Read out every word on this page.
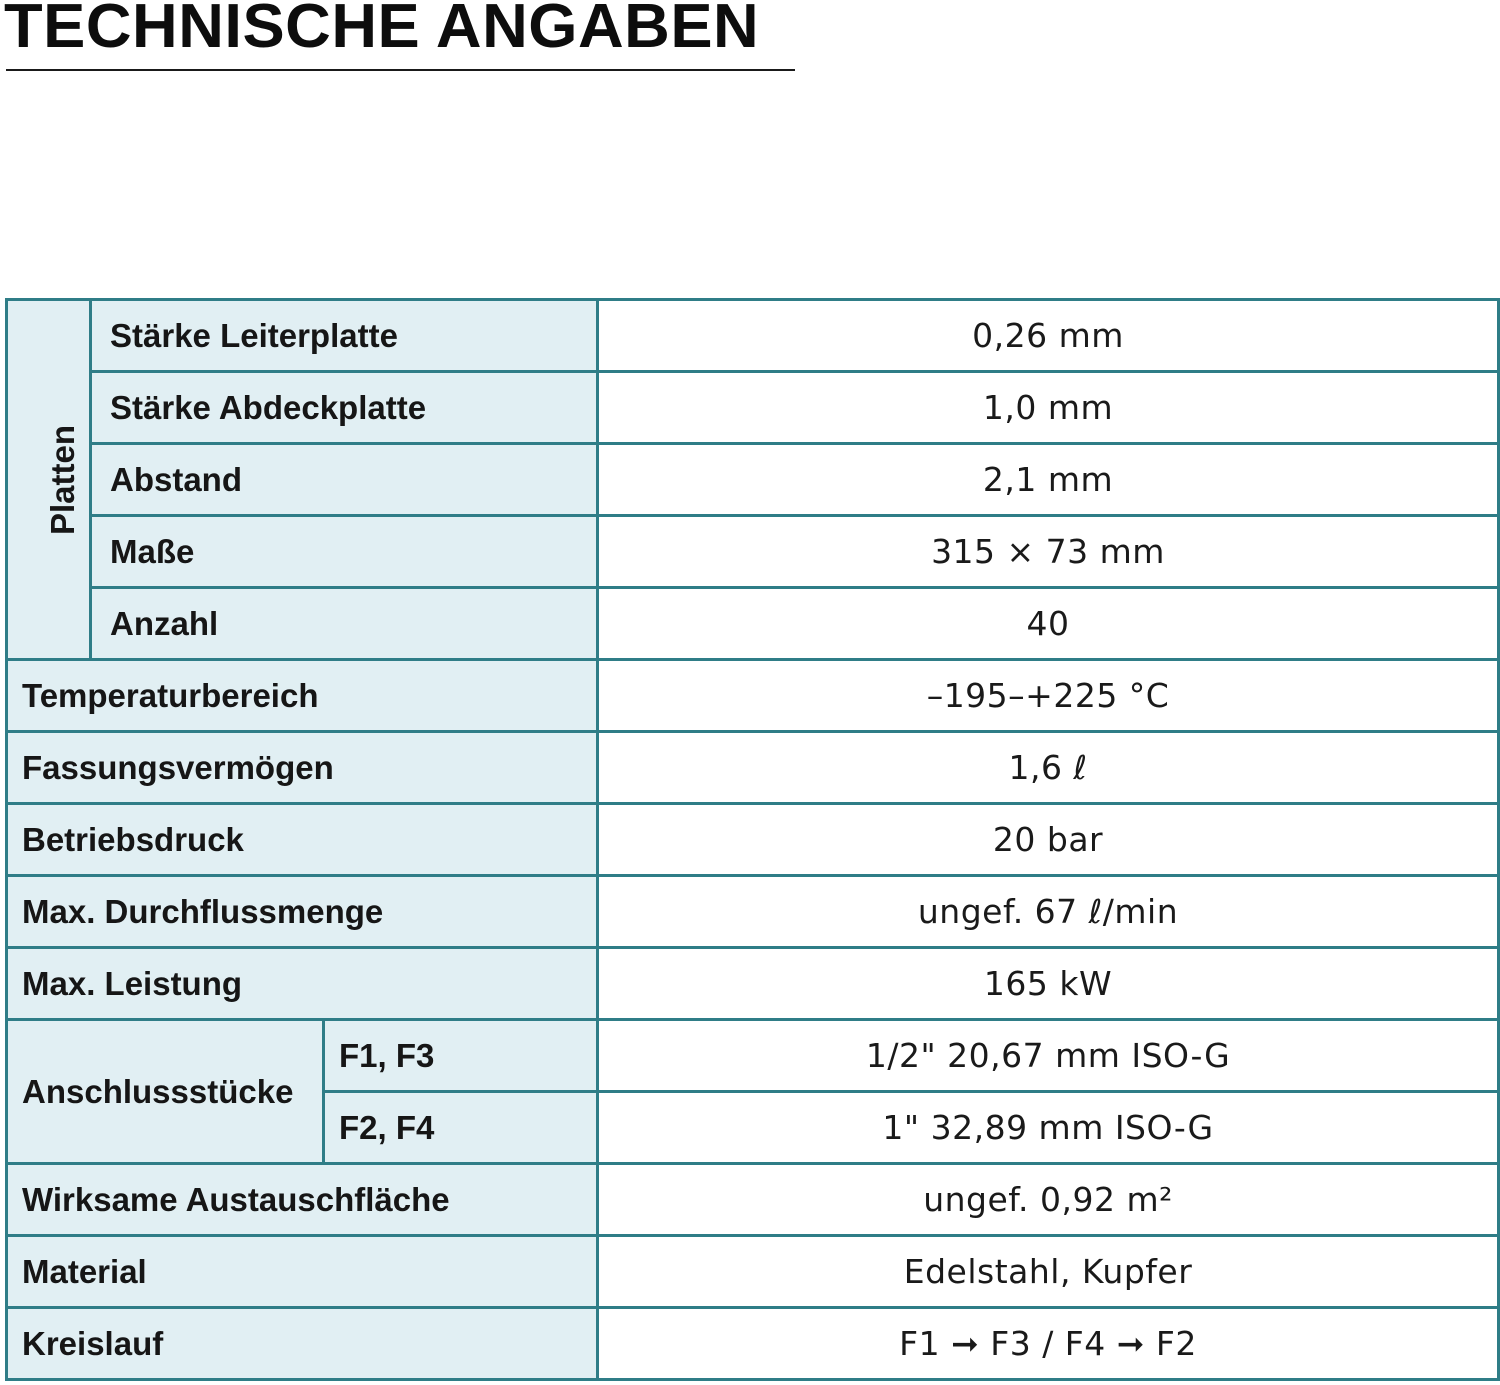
TECHNISCHE ANGABEN
Platten	Stärke Leiterplatte		0,26 mm
	Stärke Abdeckplatte		1,0 mm
	Abstand		2,1 mm
	Maße		315 × 73 mm
	Anzahl		40
Temperaturbereich			–195–+225 °C
Fassungsvermögen			1,6 ℓ
Betriebsdruck			20 bar
Max. Durchflussmenge			ungef. 67 ℓ/min
Max. Leistung			165 kW
Anschlussstücke		F1, F3	1/2" 20,67 mm ISO-G
		F2, F4	1" 32,89 mm ISO-G
Wirksame Austauschfläche			ungef. 0,92 m²
Material			Edelstahl, Kupfer
Kreislauf			F1 ➞ F3 / F4 ➞ F2
